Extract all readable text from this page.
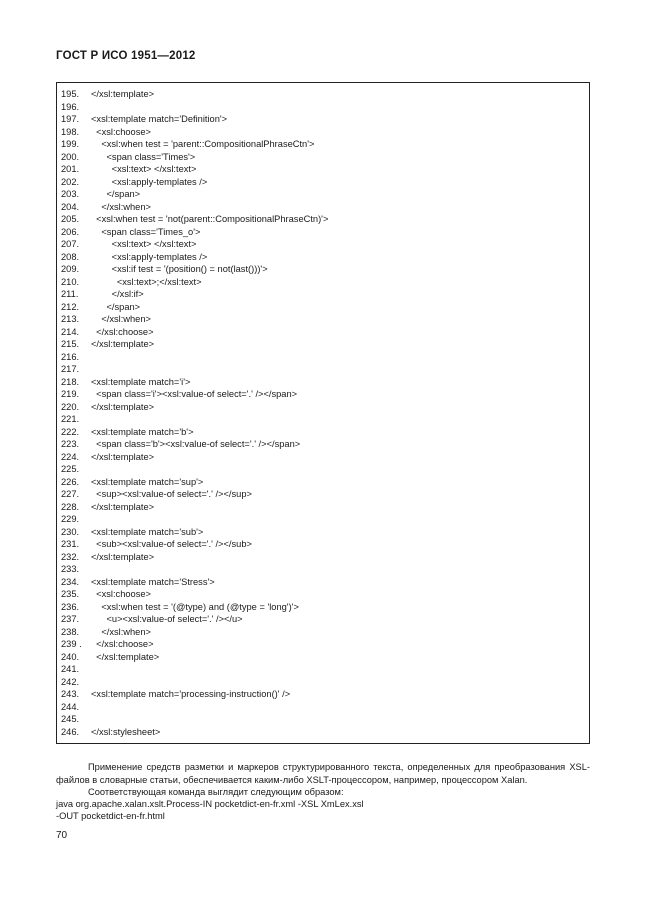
ГОСТ Р ИСО 1951—2012
195.	</xsl:template>
196.
197.	<xsl:template match='Definition'>
198.	<xsl:choose>
199.	<xsl:when test = 'parent::CompositionalPhraseCtn'>
200.	<span class='Times'>
201.	<xsl:text> </xsl:text>
202.	<xsl:apply-templates />
203.	</span>
204.	</xsl:when>
205.	<xsl:when test = 'not(parent::CompositionalPhraseCtn)'>
206.	<span class='Times_o'>
207.	<xsl:text> </xsl:text>
208.	<xsl:apply-templates />
209.	<xsl:if test = '(position() = not(last()))'>
210.	<xsl:text>;</xsl:text>
211.	</xsl:if>
212.	</span>
213.	</xsl:when>
214.	</xsl:choose>
215.	</xsl:template>
216.
217.
218.	<xsl:template match='i'>
219.	<span class='i'><xsl:value-of select='.' /></span>
220.	</xsl:template>
221.
222.	<xsl:template match='b'>
223.	<span class='b'><xsl:value-of select='.' /></span>
224.	</xsl:template>
225.
226.	<xsl:template match='sup'>
227.	<sup><xsl:value-of select='.' /></sup>
228.	</xsl:template>
229.
230.	<xsl:template match='sub'>
231.	<sub><xsl:value-of select='.' /></sub>
232.	</xsl:template>
233.
234.	<xsl:template match='Stress'>
235.	<xsl:choose>
236.	<xsl:when test = '(@type) and (@type = 'long')'>
237.	<u><xsl:value-of select='.' /></u>
238.	</xsl:when>
239 .	</xsl:choose>
240.	</xsl:template>
241.
242.
243.	<xsl:template match='processing-instruction()' />
244.
245.
246.	</xsl:stylesheet>

Применение средств разметки и маркеров структурированного текста, определенных для преобразования XSL-файлов в словарные статьи, обеспечивается каким-либо XSLT-процессором, например, процессором Xalan.

Соответствующая команда выглядит следующим образом:

java org.apache.xalan.xslt.Process-IN pocketdict-en-fr.xml -XSL XmLex.xsl

-OUT pocketdict-en-fr.html

70
